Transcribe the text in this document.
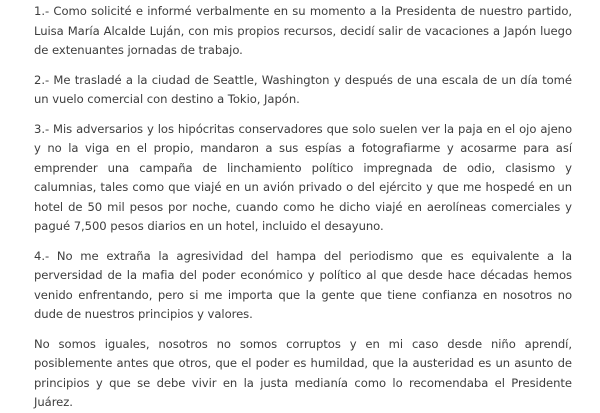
1.- Como solicité e informé verbalmente en su momento a la Presidenta de nuestro partido, Luisa María Alcalde Luján, con mis propios recursos, decidí salir de vacaciones a Japón luego de extenuantes jornadas de trabajo.

2.- Me trasladé a la ciudad de Seattle, Washington y después de una escala de un día tomé un vuelo comercial con destino a Tokio, Japón.

3.- Mis adversarios y los hipócritas conservadores que solo suelen ver la paja en el ojo ajeno y no la viga en el propio, mandaron a sus espías a fotografiarme y acosarme para así emprender una campaña de linchamiento político impregnada de odio, clasismo y calumnias, tales como que viajé en un avión privado o del ejército y que me hospedé en un hotel de 50 mil pesos por noche, cuando como he dicho viajé en aerolíneas comerciales y pagué 7,500 pesos diarios en un hotel, incluido el desayuno.

4.- No me extraña la agresividad del hampa del periodismo que es equivalente a la perversidad de la mafia del poder económico y político al que desde hace décadas hemos venido enfrentando, pero si me importa que la gente que tiene confianza en nosotros no dude de nuestros principios y valores.

No somos iguales, nosotros no somos corruptos y en mi caso desde niño aprendí, posiblemente antes que otros, que el poder es humildad, que la austeridad es un asunto de principios y que se debe vivir en la justa medianía como lo recomendaba el Presidente Juárez.
